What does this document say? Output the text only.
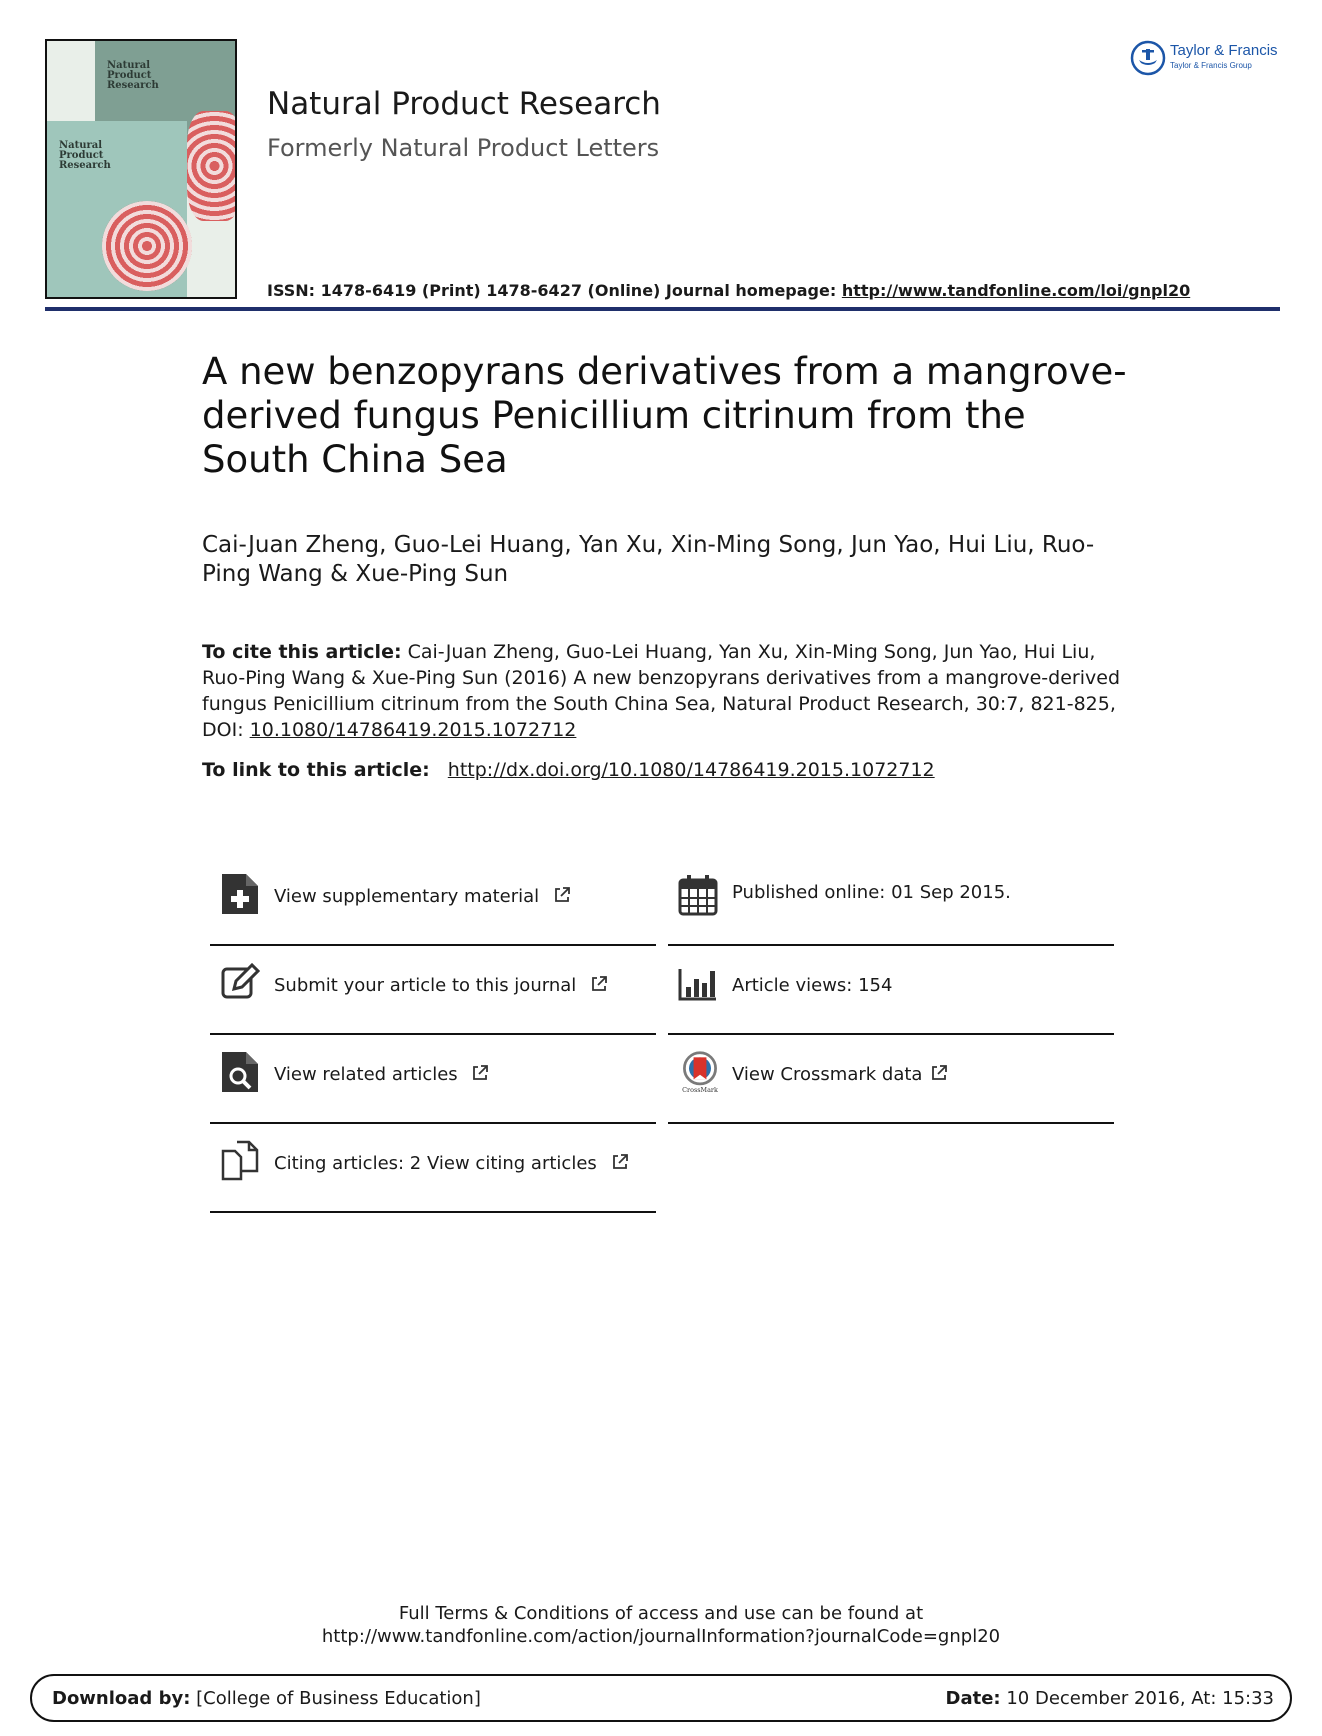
Natural
Product
Research
Natural
Product
Research
Taylor & Francis
Taylor & Francis Group
Natural Product Research
Formerly Natural Product Letters
ISSN: 1478-6419 (Print) 1478-6427 (Online) Journal homepage: http://www.tandfonline.com/loi/gnpl20
A new benzopyrans derivatives from a mangrove-derived fungus Penicillium citrinum from the South China Sea
Cai-Juan Zheng, Guo-Lei Huang, Yan Xu, Xin-Ming Song, Jun Yao, Hui Liu, Ruo-Ping Wang & Xue-Ping Sun
To cite this article: Cai-Juan Zheng, Guo-Lei Huang, Yan Xu, Xin-Ming Song, Jun Yao, Hui Liu, Ruo-Ping Wang & Xue-Ping Sun (2016) A new benzopyrans derivatives from a mangrove-derived fungus Penicillium citrinum from the South China Sea, Natural Product Research, 30:7, 821-825, DOI: 10.1080/14786419.2015.1072712
To link to this article: http://dx.doi.org/10.1080/14786419.2015.1072712
View supplementary material
Submit your article to this journal
View related articles
Citing articles: 2 View citing articles
Published online: 01 Sep 2015.
Article views: 154
CrossMark
View Crossmark data
Full Terms & Conditions of access and use can be found at
http://www.tandfonline.com/action/journalInformation?journalCode=gnpl20
Download by: [College of Business Education]	Date: 10 December 2016, At: 15:33
